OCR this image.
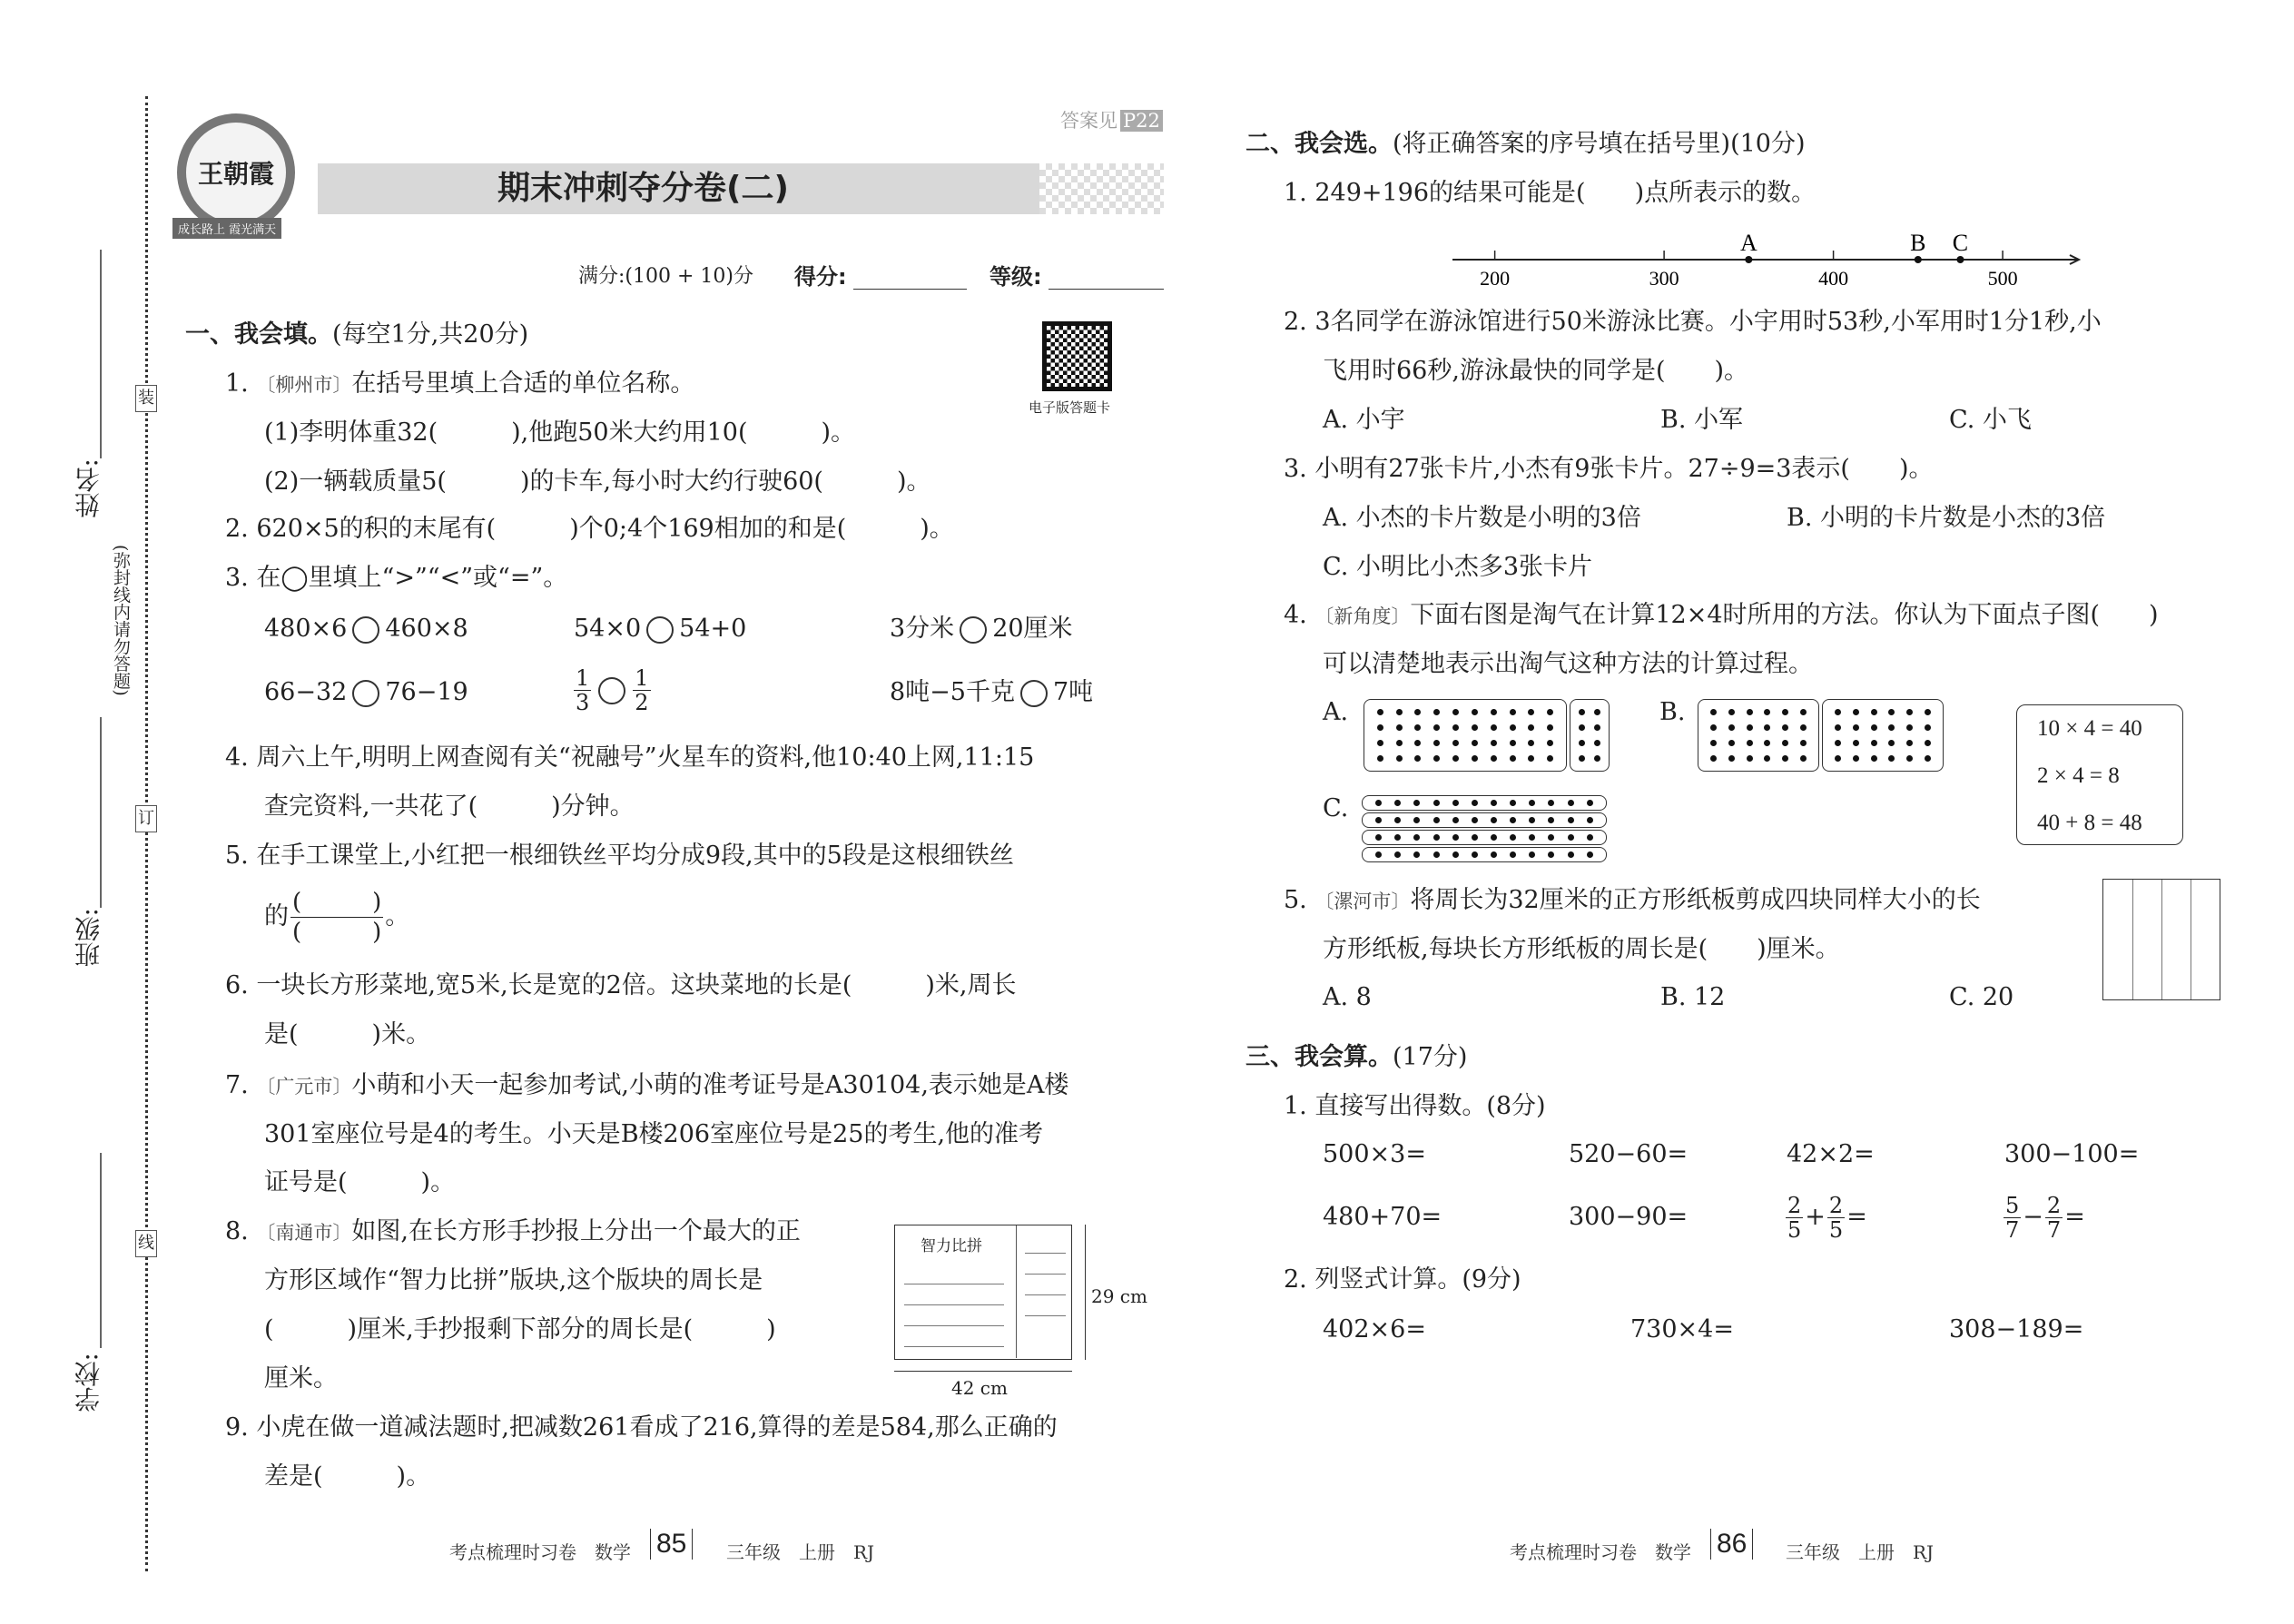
装
订
线
姓名:
(弥封线内请勿答题)
班级:
学校:
王朝霞
成长路上 霞光满天
答案见 P22
期末冲刺夺分卷(二)
满分:(100 + 10)分 得分:	等级:
电子版答题卡
一、我会填。(每空1分,共20分)
1. 〔柳州市〕在括号里填上合适的单位名称。
(1)李明体重32(　　　),他跑50米大约用10(　　　)。
(2)一辆载质量5(　　　)的卡车,每小时大约行驶60(　　　)。
2. 620×5的积的末尾有(　　　)个0;4个169相加的和是(　　　)。
3. 在◯里填上“>”“<”或“=”。
480×6 460×8	54×0 54+0	3分米 20厘米
66−32 76−19	$\frac{1}{3} \frac{1}{2}$	8吨−5千克 7吨
4. 周六上午,明明上网查阅有关“祝融号”火星车的资料,他10:40上网,11:15
查完资料,一共花了(　　　)分钟。
5. 在手工课堂上,小红把一根细铁丝平均分成9段,其中的5段是这根细铁丝
的 $\frac{( )}{( )}$ 。
6. 一块长方形菜地,宽5米,长是宽的2倍。这块菜地的长是(　　　)米,周长
是(　　　)米。
7. 〔广元市〕小萌和小天一起参加考试,小萌的准考证号是A30104,表示她是A楼
301室座位号是4的考生。小天是B楼206室座位号是25的考生,他的准考
证号是(　　　)。
8. 〔南通市〕如图,在长方形手抄报上分出一个最大的正
方形区域作“智力比拼”版块,这个版块的周长是
(　　　)厘米,手抄报剩下部分的周长是(　　　)
厘米。
智力比拼
29 cm
42 cm
9. 小虎在做一道减法题时,把减数261看成了216,算得的差是584,那么正确的
差是(　　　)。
二、我会选。(将正确答案的序号填在括号里)(10分)
1. 249+196的结果可能是(　　)点所表示的数。
200	300	400	500
A	B C
2. 3名同学在游泳馆进行50米游泳比赛。小宇用时53秒,小军用时1分1秒,小
飞用时66秒,游泳最快的同学是(　　)。
A. 小宇	B. 小军	C. 小飞
3. 小明有27张卡片,小杰有9张卡片。27÷9=3表示(　　)。
A. 小杰的卡片数是小明的3倍	B. 小明的卡片数是小杰的3倍
C. 小明比小杰多3张卡片
4. 〔新角度〕下面右图是淘气在计算12×4时所用的方法。你认为下面点子图(　　)
可以清楚地表示出淘气这种方法的计算过程。
A.	B.
C.
10 × 4 = 40
2 × 4 = 8
40 + 8 = 48
5. 〔漯河市〕将周长为32厘米的正方形纸板剪成四块同样大小的长
方形纸板,每块长方形纸板的周长是(　　)厘米。
A. 8	B. 12	C. 20
三、我会算。(17分)
1. 直接写出得数。(8分)
500×3=	520−60=	42×2=	300−100=
480+70=	300−90=	$\frac{2}{5} + \frac{2}{5}$ =	$\frac{5}{7} - \frac{2}{7}$ =
2. 列竖式计算。(9分)
402×6=	730×4=	308−189=
考点梳理时习卷　数学 85	三年级　上册　RJ	考点梳理时习卷　数学 86	三年级　上册　RJ
